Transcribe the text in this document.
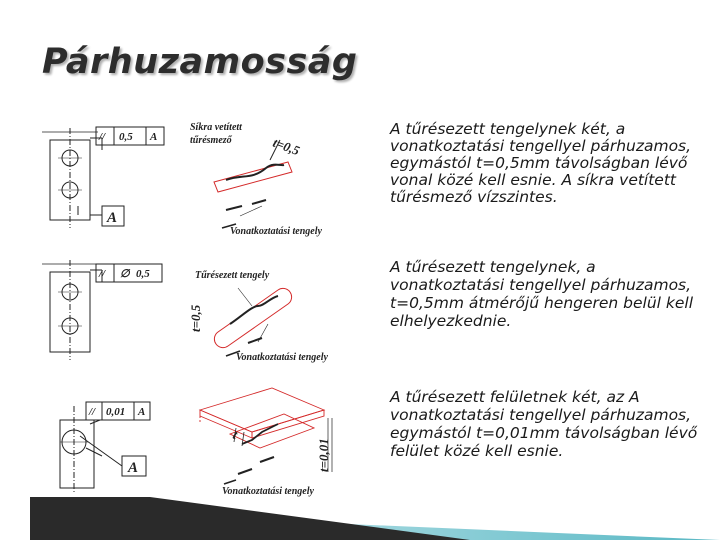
Párhuzamosság
// 0,5 A
A
Síkra vetített
tűrésmező	t=0,5
Vonatkoztatási tengely
// ∅ 0,5	Tűrésezett tengely
t=0,5
Vonatkoztatási tengely
// 0,01 A
A
t
t=0,01
Vonatkoztatási tengely

A tűrésezett tengelynek két, a vonatkoztatási tengellyel párhuzamos, egymástól t=0,5mm távolságban lévő vonal közé kell esnie. A síkra vetített tűrésmező vízszintes.

A tűrésezett tengelynek, a vonatkoztatási tengellyel párhuzamos, t=0,5mm átmérőjű hengeren belül kell elhelyezkednie.

A tűrésezett felületnek két, az A vonatkoztatási tengellyel párhuzamos, egymástól t=0,01mm távolságban lévő felület közé kell esnie.
